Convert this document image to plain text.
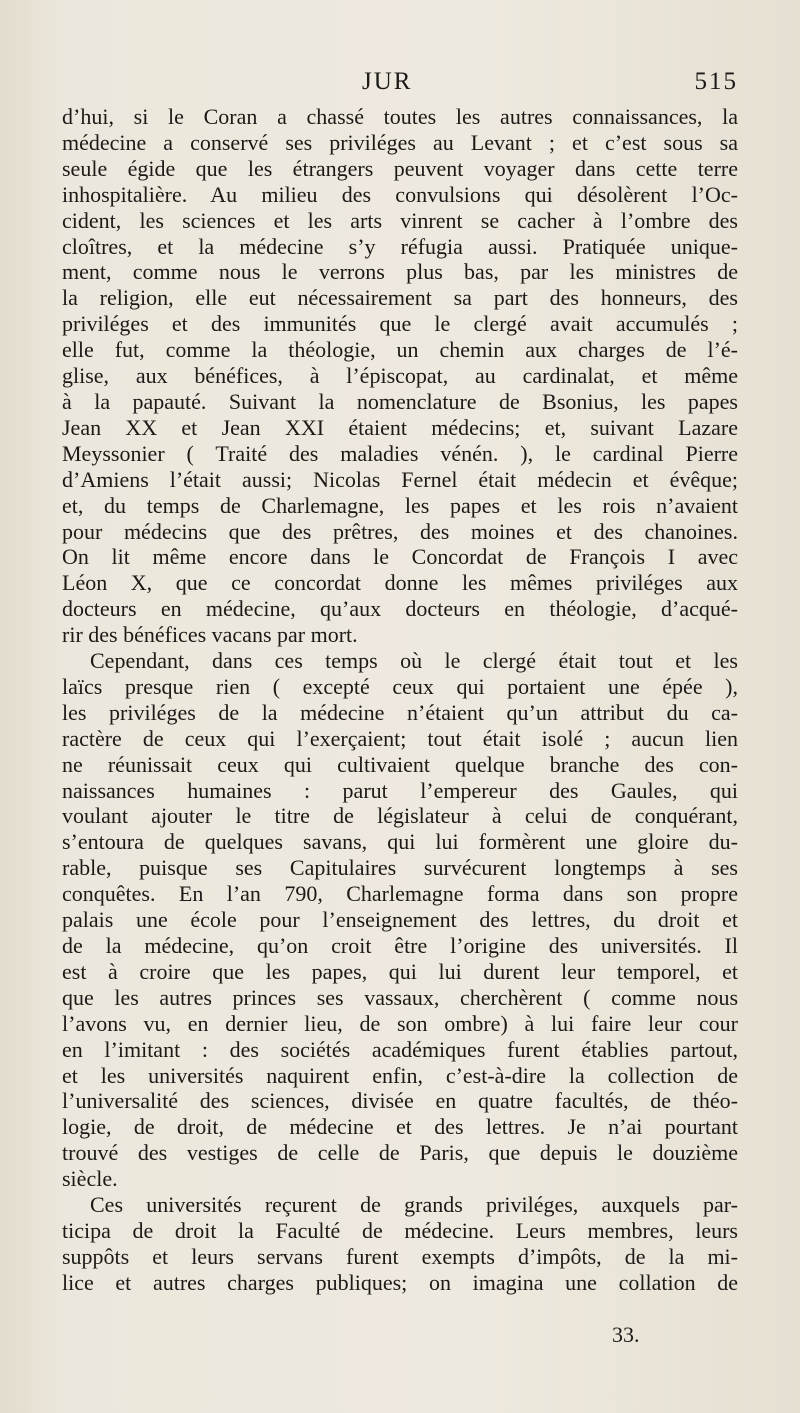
JUR	515

d’hui, si le Coran a chassé toutes les autres connaissances, la
médecine a conservé ses priviléges au Levant ; et c’est sous sa
seule égide que les étrangers peuvent voyager dans cette terre
inhospitalière. Au milieu des convulsions qui désolèrent l’Oc-
cident, les sciences et les arts vinrent se cacher à l’ombre des
cloîtres, et la médecine s’y réfugia aussi. Pratiquée unique-
ment, comme nous le verrons plus bas, par les ministres de
la religion, elle eut nécessairement sa part des honneurs, des
priviléges et des immunités que le clergé avait accumulés ;
elle fut, comme la théologie, un chemin aux charges de l’é-
glise, aux bénéfices, à l’épiscopat, au cardinalat, et même
à la papauté. Suivant la nomenclature de Bsonius, les papes
Jean XX et Jean XXI étaient médecins; et, suivant Lazare
Meyssonier ( Traité des maladies vénén. ), le cardinal Pierre
d’Amiens l’était aussi; Nicolas Fernel était médecin et évêque;
et, du temps de Charlemagne, les papes et les rois n’avaient
pour médecins que des prêtres, des moines et des chanoines.
On lit même encore dans le Concordat de François I avec
Léon X, que ce concordat donne les mêmes priviléges aux
docteurs en médecine, qu’aux docteurs en théologie, d’acqué-
rir des bénéfices vacans par mort.

Cependant, dans ces temps où le clergé était tout et les
laïcs presque rien ( excepté ceux qui portaient une épée ),
les priviléges de la médecine n’étaient qu’un attribut du ca-
ractère de ceux qui l’exerçaient; tout était isolé ; aucun lien
ne réunissait ceux qui cultivaient quelque branche des con-
naissances humaines : parut l’empereur des Gaules, qui
voulant ajouter le titre de législateur à celui de conquérant,
s’entoura de quelques savans, qui lui formèrent une gloire du-
rable, puisque ses Capitulaires survécurent longtemps à ses
conquêtes. En l’an 790, Charlemagne forma dans son propre
palais une école pour l’enseignement des lettres, du droit et
de la médecine, qu’on croit être l’origine des universités. Il
est à croire que les papes, qui lui durent leur temporel, et
que les autres princes ses vassaux, cherchèrent ( comme nous
l’avons vu, en dernier lieu, de son ombre) à lui faire leur cour
en l’imitant : des sociétés académiques furent établies partout,
et les universités naquirent enfin, c’est-à-dire la collection de
l’universalité des sciences, divisée en quatre facultés, de théo-
logie, de droit, de médecine et des lettres. Je n’ai pourtant
trouvé des vestiges de celle de Paris, que depuis le douzième
siècle.

Ces universités reçurent de grands priviléges, auxquels par-
ticipa de droit la Faculté de médecine. Leurs membres, leurs
suppôts et leurs servans furent exempts d’impôts, de la mi-
lice et autres charges publiques; on imagina une collation de

33.
